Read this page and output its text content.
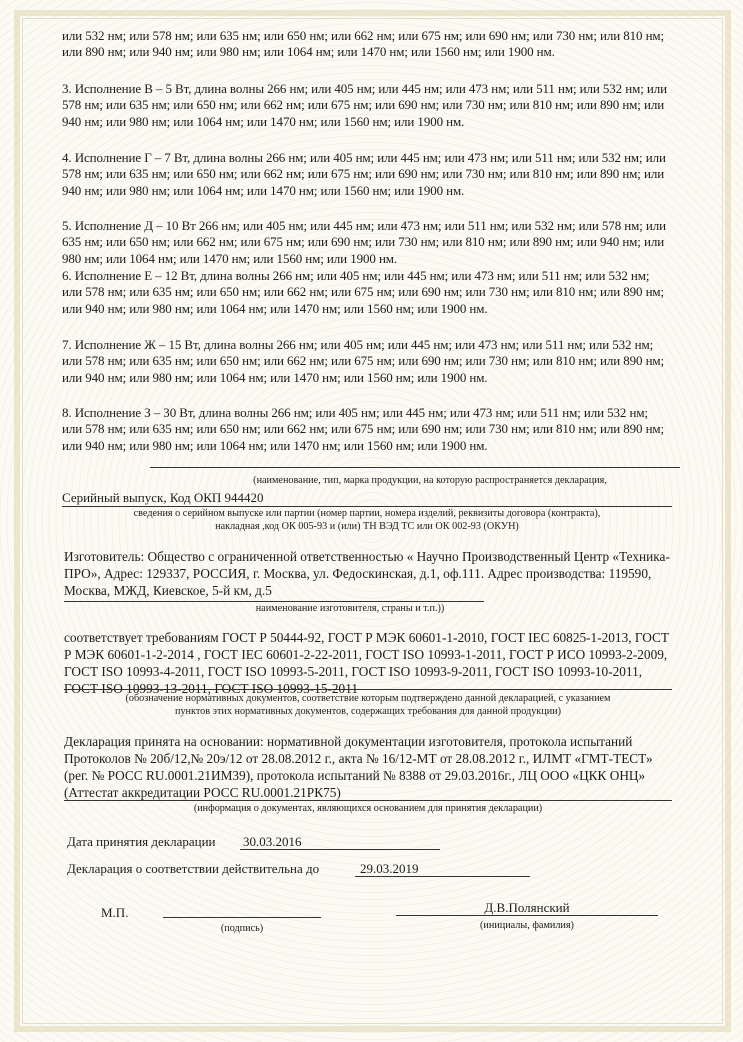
или 532 нм; или 578 нм; или 635 нм; или 650 нм; или 662 нм; или 675 нм; или 690 нм; или 730 нм; или 810 нм; или 890 нм; или 940 нм; или 980 нм; или 1064 нм; или 1470 нм; или 1560 нм; или 1900 нм.
3. Исполнение В – 5 Вт, длина волны 266 нм; или 405 нм; или 445 нм; или 473 нм; или 511 нм; или 532 нм; или 578 нм; или 635 нм; или 650 нм; или 662 нм; или 675 нм; или 690 нм; или 730 нм; или 810 нм; или 890 нм; или 940 нм; или 980 нм; или 1064 нм; или 1470 нм; или 1560 нм; или 1900 нм.
4. Исполнение Г – 7 Вт, длина волны 266 нм; или 405 нм; или 445 нм; или 473 нм; или 511 нм; или 532 нм; или 578 нм; или 635 нм; или 650 нм; или 662 нм; или 675 нм; или 690 нм; или 730 нм; или 810 нм; или 890 нм; или 940 нм; или 980 нм; или 1064 нм; или 1470 нм; или 1560 нм; или 1900 нм.
5. Исполнение Д – 10 Вт 266 нм; или 405 нм; или 445 нм; или 473 нм; или 511 нм; или 532 нм; или 578 нм; или 635 нм; или 650 нм; или 662 нм; или 675 нм; или 690 нм; или 730 нм; или 810 нм; или 890 нм; или 940 нм; или 980 нм; или 1064 нм; или 1470 нм; или 1560 нм; или 1900 нм.
6. Исполнение Е – 12 Вт, длина волны 266 нм; или 405 нм; или 445 нм; или 473 нм; или 511 нм; или 532 нм; или 578 нм; или 635 нм; или 650 нм; или 662 нм; или 675 нм; или 690 нм; или 730 нм; или 810 нм; или 890 нм; или 940 нм; или 980 нм; или 1064 нм; или 1470 нм; или 1560 нм; или 1900 нм.
7. Исполнение Ж – 15 Вт, длина волны 266 нм; или 405 нм; или 445 нм; или 473 нм; или 511 нм; или 532 нм; или 578 нм; или 635 нм; или 650 нм; или 662 нм; или 675 нм; или 690 нм; или 730 нм; или 810 нм; или 890 нм; или 940 нм; или 980 нм; или 1064 нм; или 1470 нм; или 1560 нм; или 1900 нм.
8. Исполнение З – 30 Вт, длина волны 266 нм; или 405 нм; или 445 нм; или 473 нм; или 511 нм; или 532 нм; или 578 нм; или 635 нм; или 650 нм; или 662 нм; или 675 нм; или 690 нм; или 730 нм; или 810 нм; или 890 нм; или 940 нм; или 980 нм; или 1064 нм; или 1470 нм; или 1560 нм; или 1900 нм.
(наименование, тип, марка продукции, на которую распространяется декларация,
Серийный выпуск, Код ОКП 944420
сведения о серийном выпуске или партии (номер партии, номера изделий, реквизиты договора (контракта),
накладная ,код ОК 005-93 и (или) ТН ВЭД ТС или ОК 002-93 (ОКУН)
Изготовитель: Общество с ограниченной ответственностью « Научно Производственный Центр «Техника-ПРО», Адрес: 129337, РОССИЯ, г. Москва, ул. Федоскинская, д.1, оф.111. Адрес производства: 119590, Москва, МЖД, Киевское, 5-й км, д.5
наименование изготовителя, страны и т.п.))
соответствует требованиям ГОСТ Р 50444-92, ГОСТ Р МЭК 60601-1-2010, ГОСТ IEC 60825-1-2013, ГОСТ Р МЭК 60601-1-2-2014 , ГОСТ IEC 60601-2-22-2011, ГОСТ ISO 10993-1-2011, ГОСТ Р ИСО 10993-2-2009, ГОСТ ISO 10993-4-2011, ГОСТ ISO 10993-5-2011, ГОСТ ISO 10993-9-2011, ГОСТ ISO 10993-10-2011, ГОСТ ISO 10993-13-2011, ГОСТ ISO 10993-15-2011
(обозначение нормативных документов, соответствие которым подтверждено данной декларацией, с указанием
пунктов этих нормативных документов, содержащих требования для данной продукции)
Декларация принята на основании: нормативной документации изготовителя, протокола испытаний Протоколов № 20б/12,№ 20э/12 от 28.08.2012 г., акта № 16/12-МТ от 28.08.2012 г., ИЛМТ «ГМТ-ТЕСТ» (рег. № РОСС RU.0001.21ИМ39), протокола испытаний № 8388 от 29.03.2016г., ЛЦ ООО «ЦКК ОНЦ» (Аттестат аккредитации РОСС RU.0001.21РК75)
(информация о документах, являющихся основанием для принятия декларации)
Дата принятия декларации 30.03.2016
Декларация о соответствии действительна до	29.03.2019
М.П.
(подпись)
Д.В.Полянский
(инициалы, фамилия)
